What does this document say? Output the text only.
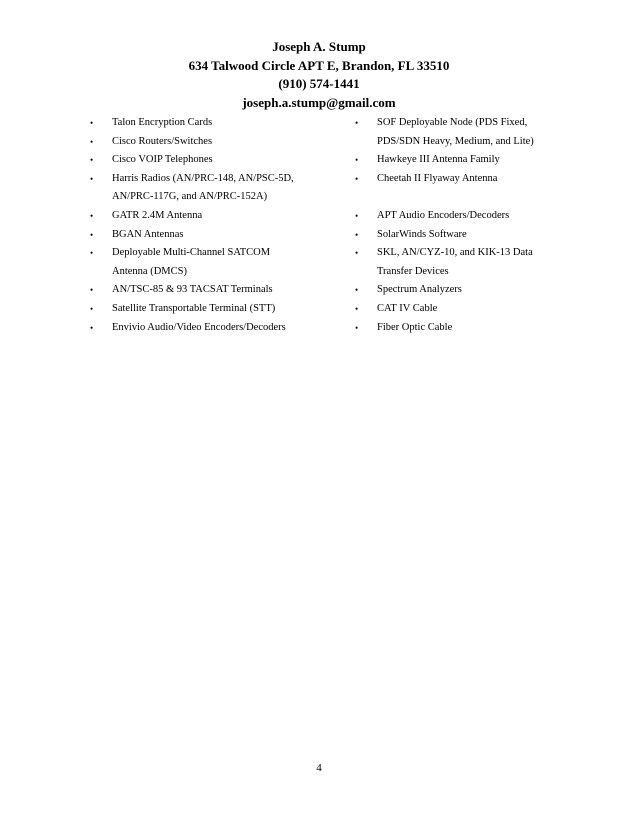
Joseph A. Stump
634 Talwood Circle APT E, Brandon, FL 33510
(910) 574-1441
joseph.a.stump@gmail.com
• Talon Encryption Cards
• Cisco Routers/Switches
• Cisco VOIP Telephones
• Harris Radios (AN/PRC-148, AN/PSC-5D,
AN/PRC-117G, and AN/PRC-152A)
• GATR 2.4M Antenna
• BGAN Antennas
• Deployable Multi-Channel SATCOM
Antenna (DMCS)
• AN/TSC-85 & 93 TACSAT Terminals
• Satellite Transportable Terminal (STT)
• Envivio Audio/Video Encoders/Decoders
• SOF Deployable Node (PDS Fixed,
PDS/SDN Heavy, Medium, and Lite)
• Hawkeye III Antenna Family
• Cheetah II Flyaway Antenna
• APT Audio Encoders/Decoders
• SolarWinds Software
• SKL, AN/CYZ-10, and KIK-13 Data
Transfer Devices
• Spectrum Analyzers
• CAT IV Cable
• Fiber Optic Cable
4
